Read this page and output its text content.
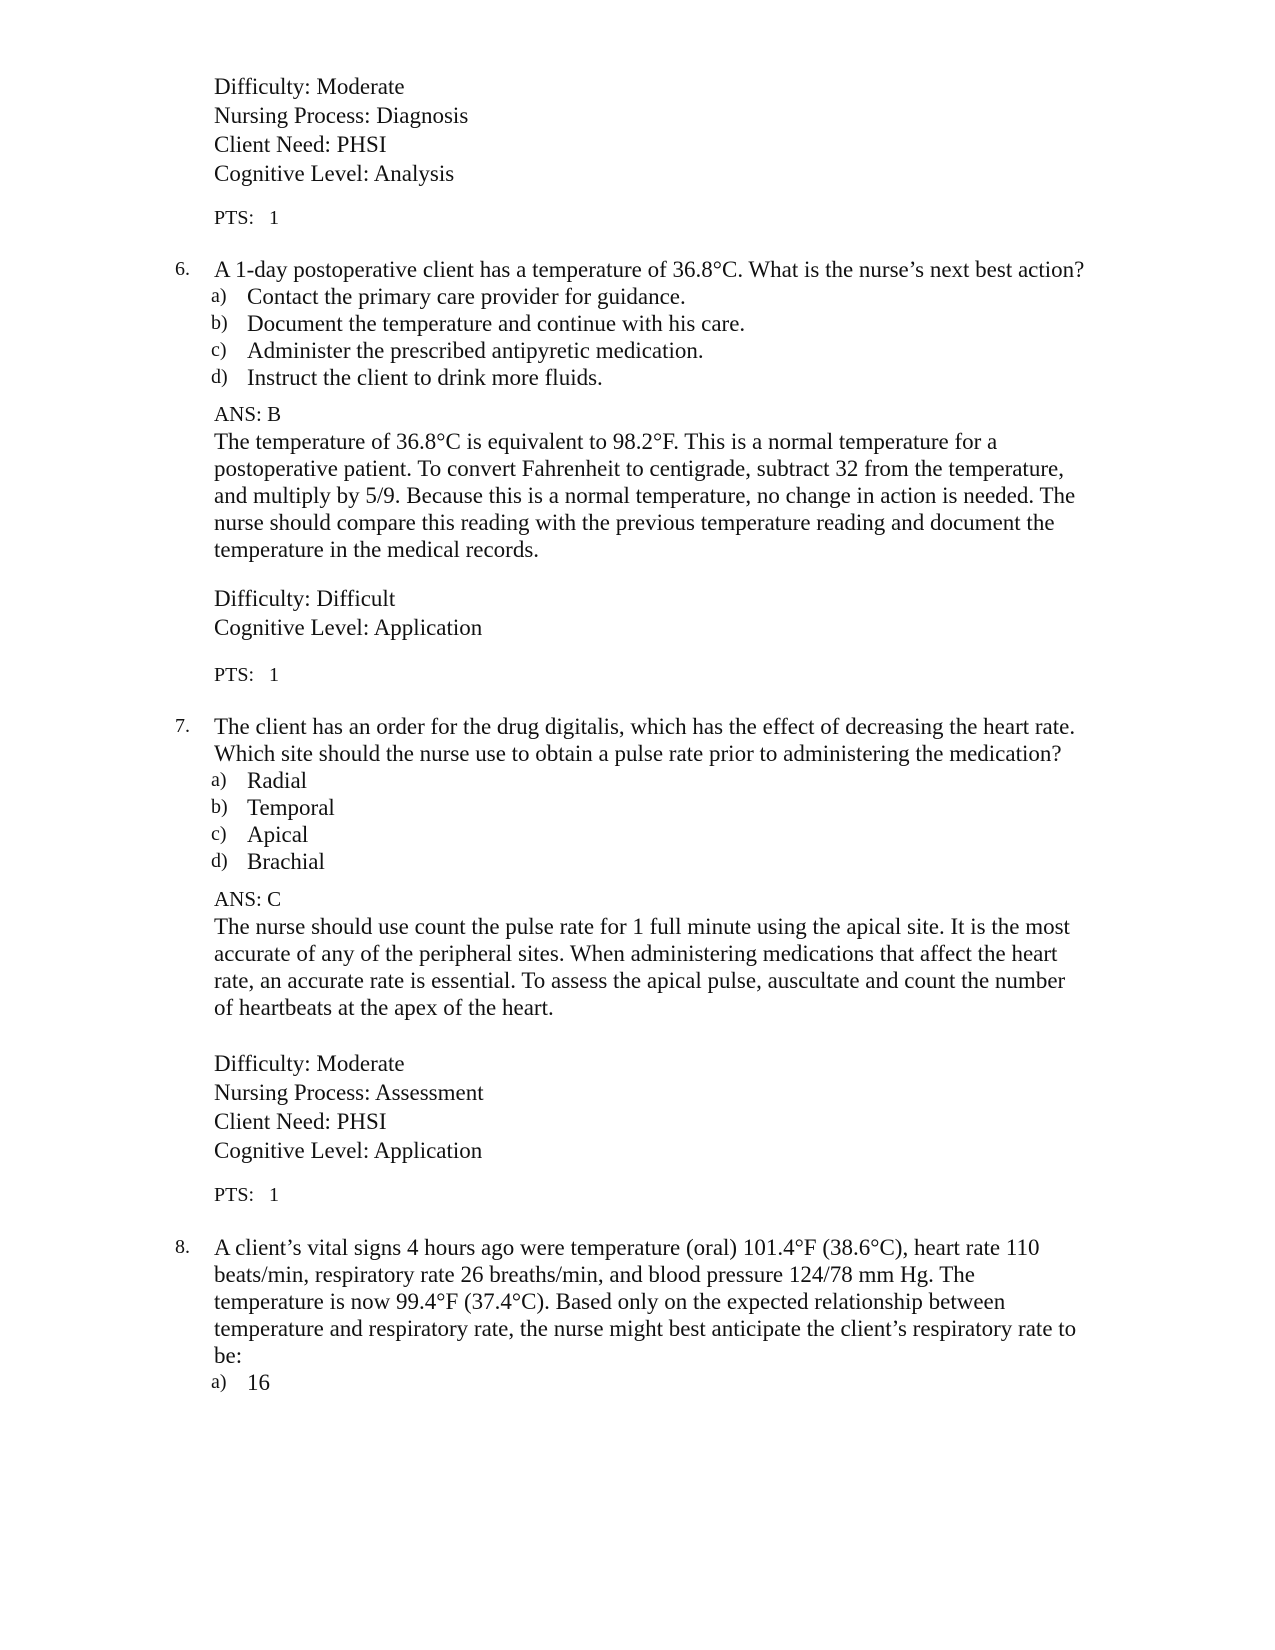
Difficulty: Moderate
Nursing Process: Diagnosis
Client Need: PHSI
Cognitive Level: Analysis
PTS:   1
6. A 1-day postoperative client has a temperature of 36.8°C. What is the nurse’s next best action?
a) Contact the primary care provider for guidance.
b) Document the temperature and continue with his care.
c) Administer the prescribed antipyretic medication.
d) Instruct the client to drink more fluids.
ANS: B
The temperature of 36.8°C is equivalent to 98.2°F. This is a normal temperature for a
postoperative patient. To convert Fahrenheit to centigrade, subtract 32 from the temperature,
and multiply by 5/9. Because this is a normal temperature, no change in action is needed. The
nurse should compare this reading with the previous temperature reading and document the
temperature in the medical records.
Difficulty: Difficult
Cognitive Level: Application
PTS:   1
7. The client has an order for the drug digitalis, which has the effect of decreasing the heart rate.
Which site should the nurse use to obtain a pulse rate prior to administering the medication?
a) Radial
b) Temporal
c) Apical
d) Brachial
ANS: C
The nurse should use count the pulse rate for 1 full minute using the apical site. It is the most
accurate of any of the peripheral sites. When administering medications that affect the heart
rate, an accurate rate is essential. To assess the apical pulse, auscultate and count the number
of heartbeats at the apex of the heart.
Difficulty: Moderate
Nursing Process: Assessment
Client Need: PHSI
Cognitive Level: Application
PTS:   1
8. A client’s vital signs 4 hours ago were temperature (oral) 101.4°F (38.6°C), heart rate 110
beats/min, respiratory rate 26 breaths/min, and blood pressure 124/78 mm Hg. The
temperature is now 99.4°F (37.4°C). Based only on the expected relationship between
temperature and respiratory rate, the nurse might best anticipate the client’s respiratory rate to
be:
a) 16
